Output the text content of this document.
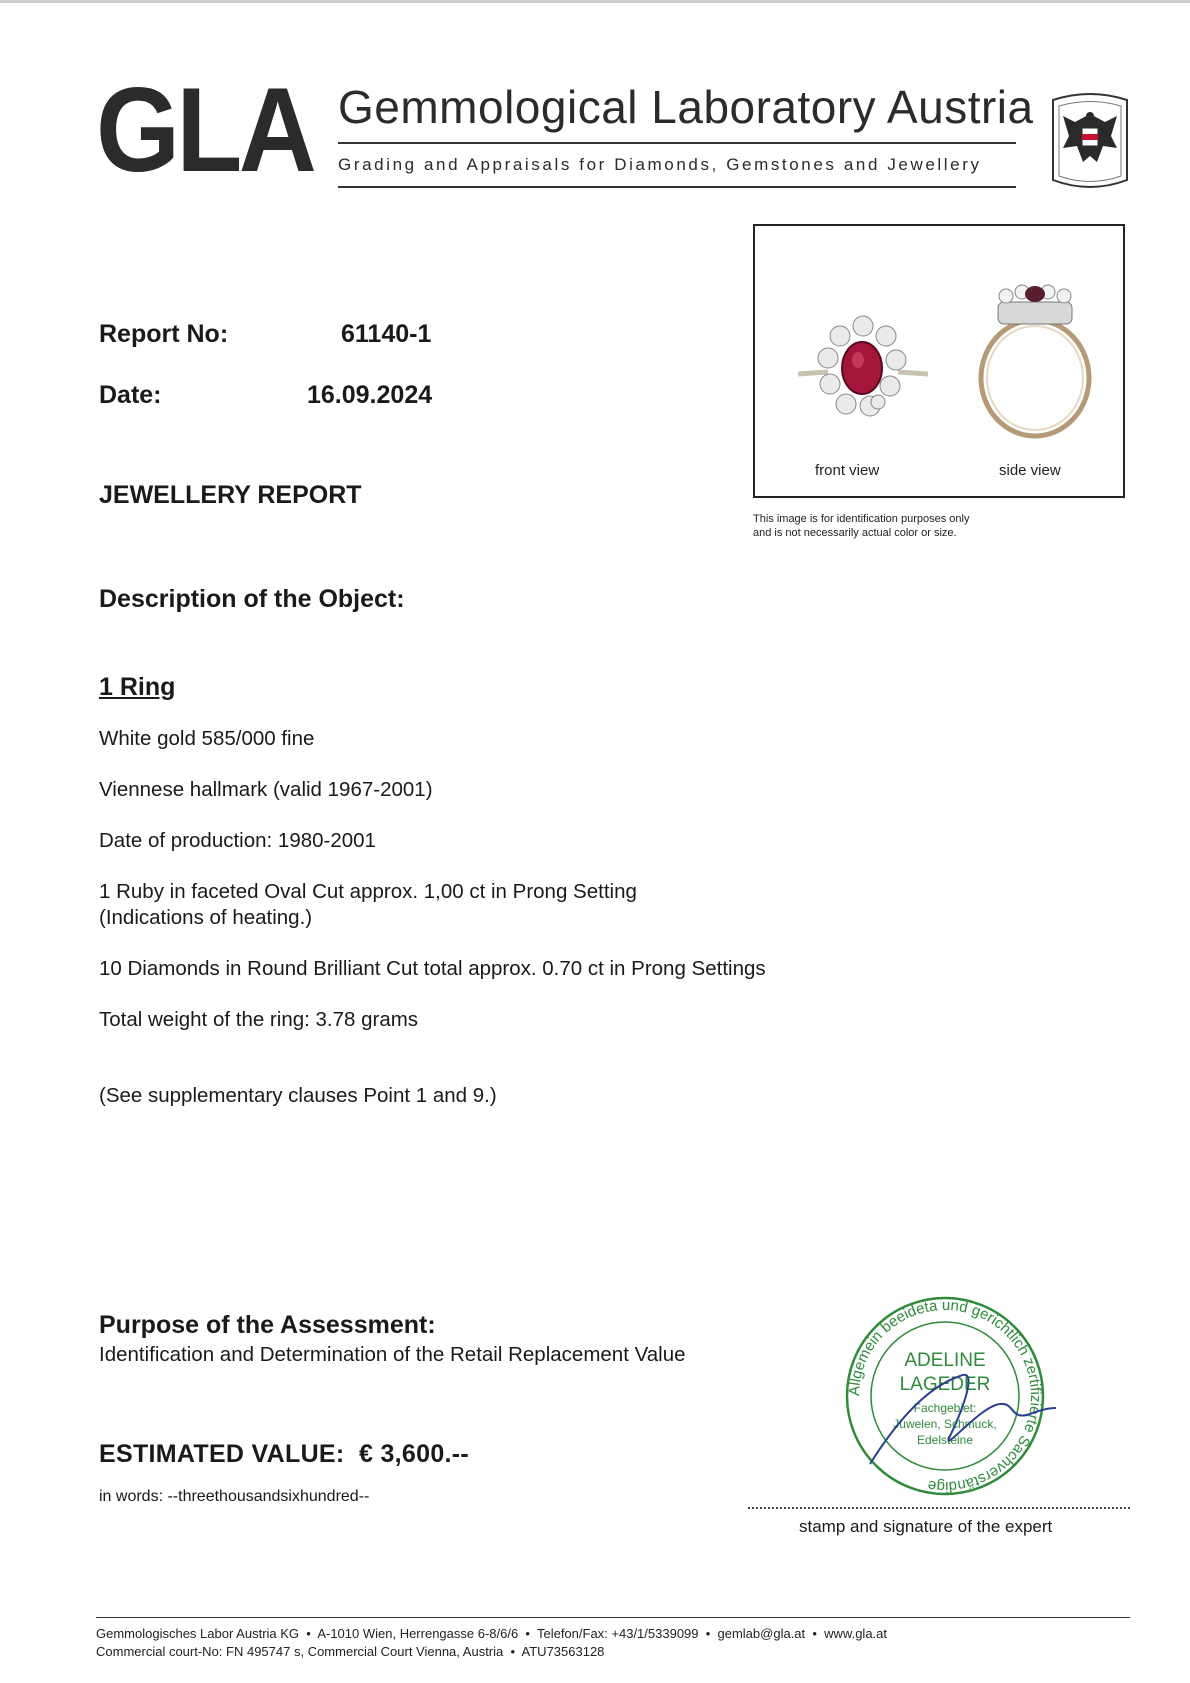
GLA Gemmological Laboratory Austria
Grading and Appraisals for Diamonds, Gemstones and Jewellery
Report No:	61140-1
Date:	16.09.2024
JEWELLERY REPORT
front view	side view
This image is for identification purposes only
and is not necessarily actual color or size.
Description of the Object:
1 Ring
White gold 585/000 fine
Viennese hallmark (valid 1967-2001)
Date of production: 1980-2001
1 Ruby in faceted Oval Cut approx. 1,00 ct in Prong Setting
(Indications of heating.)
10 Diamonds in Round Brilliant Cut total approx. 0.70 ct in Prong Settings
Total weight of the ring: 3.78 grams
(See supplementary clauses Point 1 and 9.)
Purpose of the Assessment:
Identification and Determination of the Retail Replacement Value
ESTIMATED VALUE:  € 3,600.--
in words: --threethousandsixhundred--
Allgemein beeideta und gerichtlich zertifizierte Sachverständige
ADELINE
LAGEDER
Fachgebiet:
Juwelen, Schmuck,
Edelsteine
stamp and signature of the expert
Gemmologisches Labor Austria KG  •  A-1010 Wien, Herrengasse 6-8/6/6  •  Telefon/Fax: +43/1/5339099  •  gemlab@gla.at  •  www.gla.at
Commercial court-No: FN 495747 s, Commercial Court Vienna, Austria  •  ATU73563128
